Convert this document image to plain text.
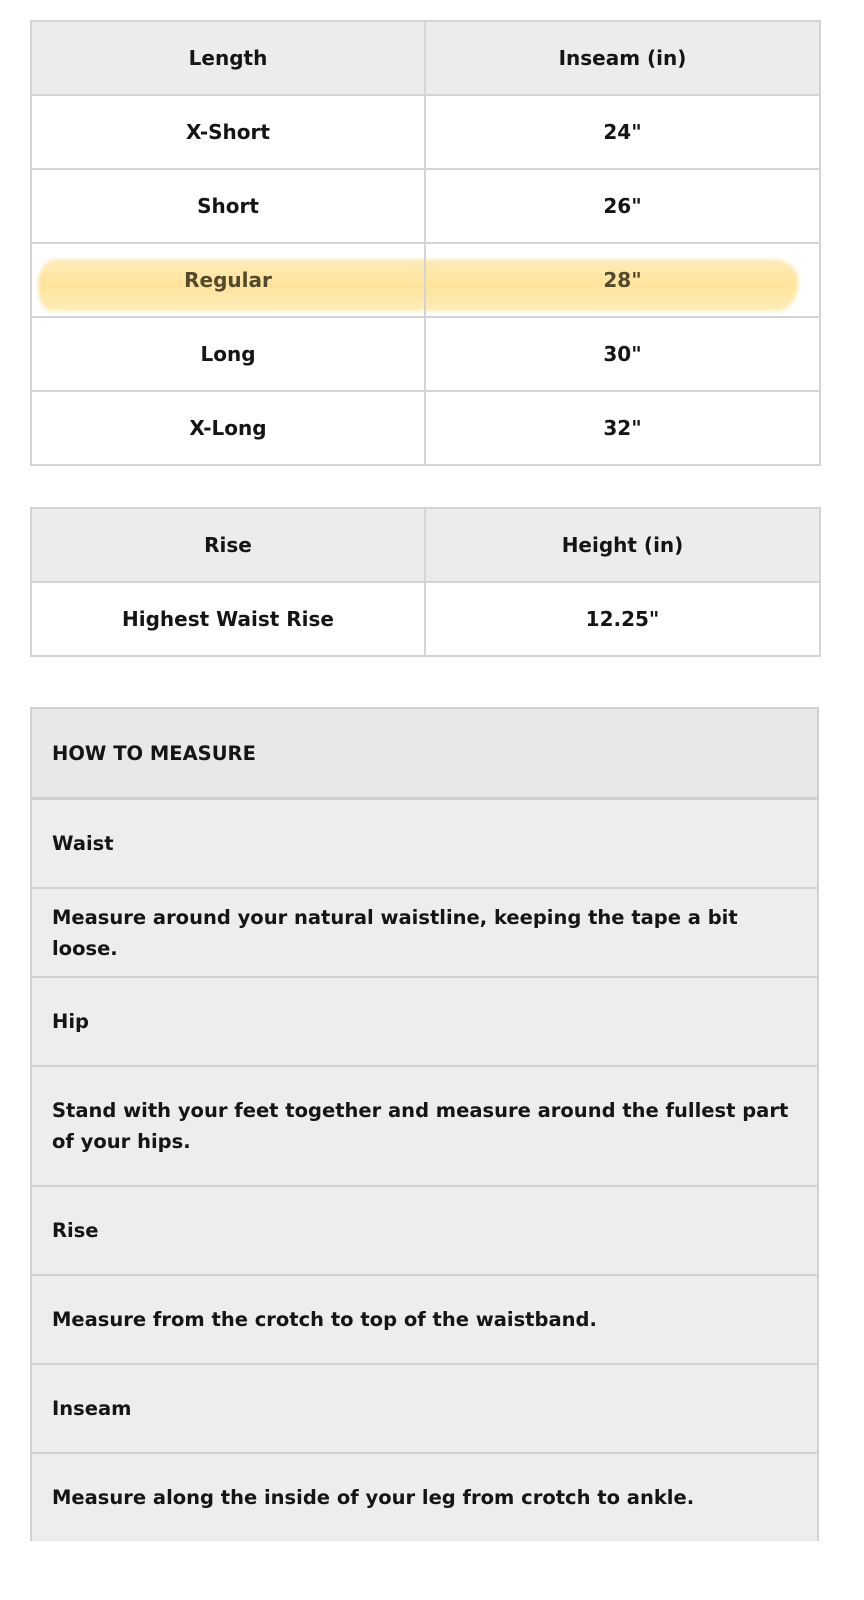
Length	Inseam (in)
X-Short	24"
Short	26"
Regular	28"
Long	30"
X-Long	32"
Rise	Height (in)
Highest Waist Rise	12.25"
HOW TO MEASURE
Waist
Measure around your natural waistline, keeping the tape a bit loose.
Hip
Stand with your feet together and measure around the fullest part of your hips.
Rise
Measure from the crotch to top of the waistband.
Inseam
Measure along the inside of your leg from crotch to ankle.
